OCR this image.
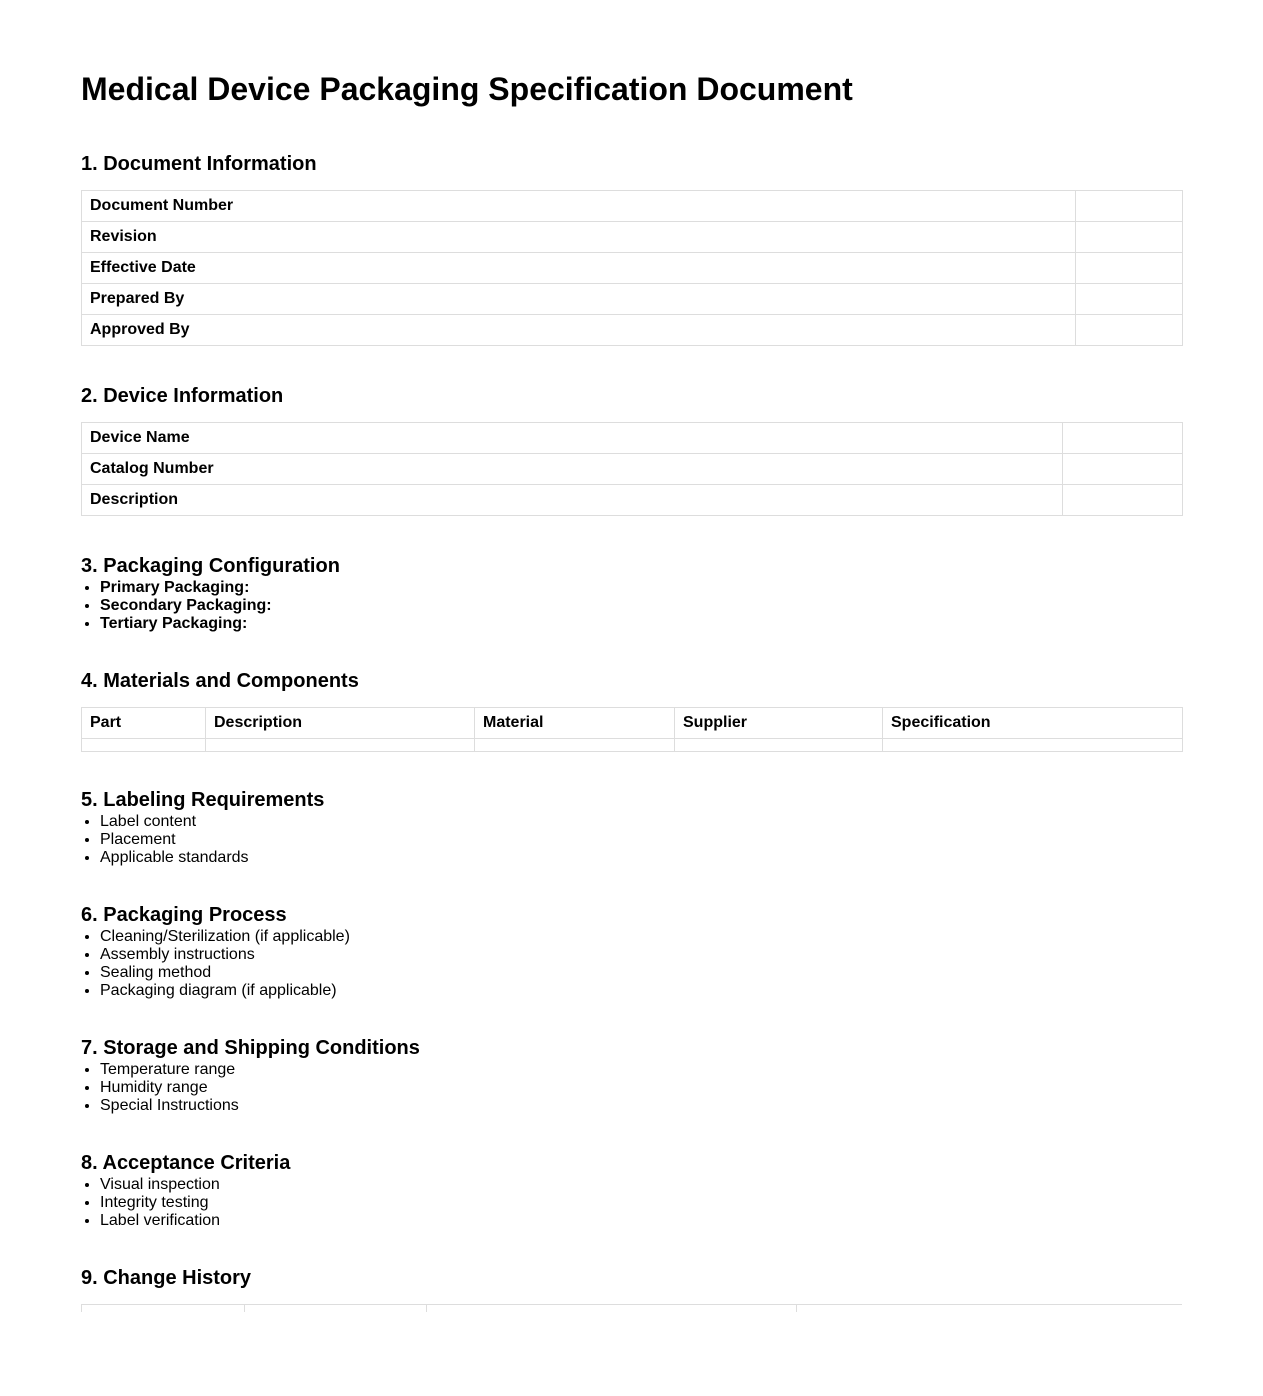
Medical Device Packaging Specification Document
1. Document Information
Document Number	
Revision	
Effective Date	
Prepared By	
Approved By	
2. Device Information
Device Name	
Catalog Number	
Description	
3. Packaging Configuration
• Primary Packaging:
• Secondary Packaging:
• Tertiary Packaging:
4. Materials and Components
Part	Description	Material	Supplier	Specification

5. Labeling Requirements
• Label content
• Placement
• Applicable standards
6. Packaging Process
• Cleaning/Sterilization (if applicable)
• Assembly instructions
• Sealing method
• Packaging diagram (if applicable)
7. Storage and Shipping Conditions
• Temperature range
• Humidity range
• Special Instructions
8. Acceptance Criteria
• Visual inspection
• Integrity testing
• Label verification
9. Change History
